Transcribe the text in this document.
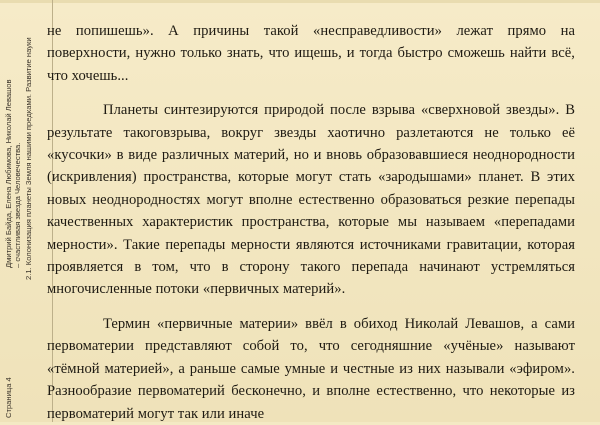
Страница 4
Дмитрий Байда, Елена Любимова, Николай Левашов – счастливая звезда Человечества. 2.1. Колонизация планеты Земля нашими предками. Развитие науки

не попишешь». А причины такой «несправедливости» лежат прямо на поверхности, нужно только знать, что ищешь, и тогда быстро сможешь найти всё, что хочешь...

Планеты синтезируются природой после взрыва «сверхновой звезды». В результате такоговзрыва, вокруг звезды хаотично разлетаются не только её «кусочки» в виде различных материй, но и вновь образовавшиеся неоднородности (искривления) пространства, которые могут стать «зародышами» планет. В этих новых неоднородностях могут вполне естественно образоваться резкие перепады качественных характеристик пространства, которые мы называем «перепадами мерности». Такие перепады мерности являются источниками гравитации, которая проявляется в том, что в сторону такого перепада начинают устремляться многочисленные потоки «первичных материй».

Термин «первичные материи» ввёл в обиход Николай Левашов, а сами первоматерии представляют собой то, что сегодняшние «учёные» называют «тёмной материей», а раньше самые умные и честные из них называли «эфиром». Разнообразие первоматерий бесконечно, и вполне естественно, что некоторые из первоматерий могут так или иначе
